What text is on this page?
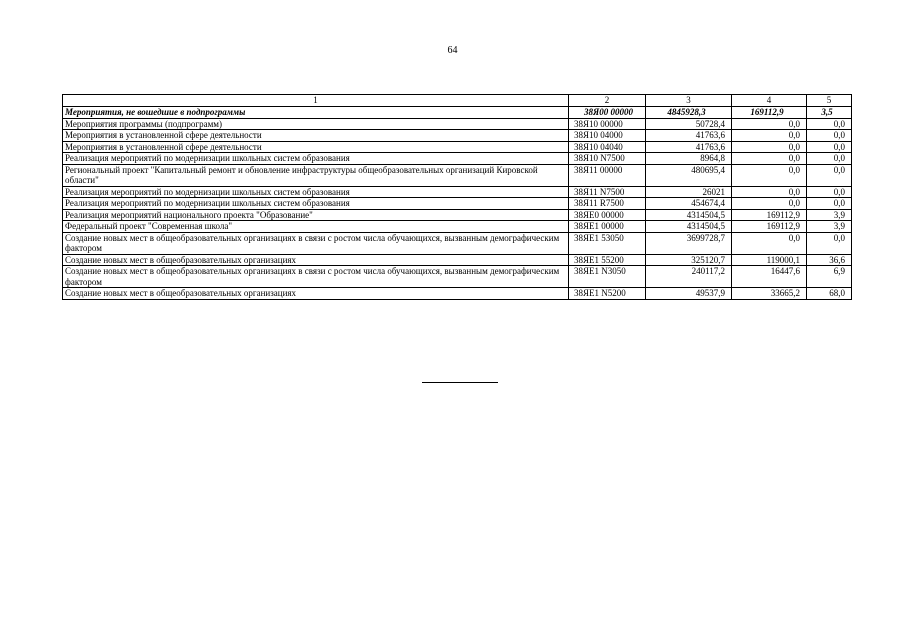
64
1	2	3	4	5
Мероприятия, не вошедшие в подпрограммы	38Я00 00000	4845928,3	169112,9	3,5
Мероприятия программы (подпрограмм)	38Я10 00000	50728,4	0,0	0,0
Мероприятия в установленной сфере деятельности	38Я10 04000	41763,6	0,0	0,0
Мероприятия в установленной сфере деятельности	38Я10 04040	41763,6	0,0	0,0
Реализация мероприятий по модернизации школьных систем образования	38Я10 N7500	8964,8	0,0	0,0
Региональный проект "Капитальный ремонт и обновление инфраструктуры общеобразовательных организаций Кировской области"	38Я11 00000	480695,4	0,0	0,0
Реализация мероприятий по модернизации школьных систем образования	38Я11 N7500	26021	0,0	0,0
Реализация мероприятий по модернизации школьных систем образования	38Я11 R7500	454674,4	0,0	0,0
Реализация мероприятий национального проекта "Образование"	38ЯЕ0 00000	4314504,5	169112,9	3,9
Федеральный проект "Современная школа"	38ЯЕ1 00000	4314504,5	169112,9	3,9
Создание новых мест в общеобразовательных организациях в связи с ростом числа обучающихся, вызванным демографическим фактором	38ЯЕ1 53050	3699728,7	0,0	0,0
Создание новых мест в общеобразовательных организациях	38ЯЕ1 55200	325120,7	119000,1	36,6
Создание новых мест в общеобразовательных организациях в связи с ростом числа обучающихся, вызванным демографическим фактором	38ЯЕ1 N3050	240117,2	16447,6	6,9
Создание новых мест в общеобразовательных организациях	38ЯЕ1 N5200	49537,9	33665,2	68,0
